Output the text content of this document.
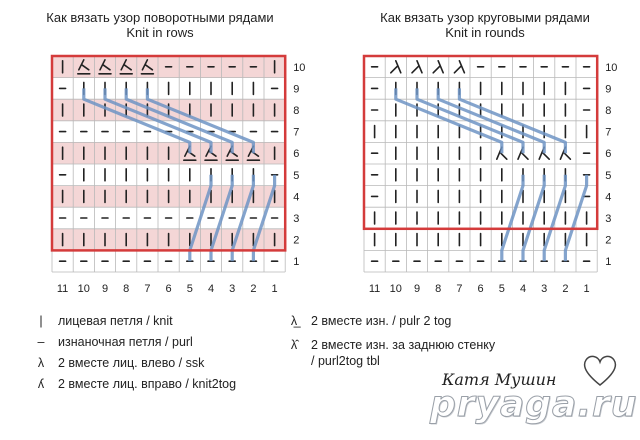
Как вязать узор поворотными рядами
Knit in rows
Как вязать узор круговыми рядами
Knit in rounds
10
9
8
7
6
5
4
3
2
1
11 10 9 8 7 6 5 4 3 2 1
10
9
8
7
6
5
4
3
2
1
11 10 9 8 7 6 5 4 3 2 1
| лицевая петля / knit
– изнаночная петля / purl
λ 2 вместе лиц. влево / ssk
ʎ 2 вместе лиц. вправо / knit2tog
λ̲ 2 вместе изн. / pulr 2 tog
λ̂ 2 вместе изн. за заднюю стенку
/ purl2tog tbl
Катя Мушин
pryaga.ru
